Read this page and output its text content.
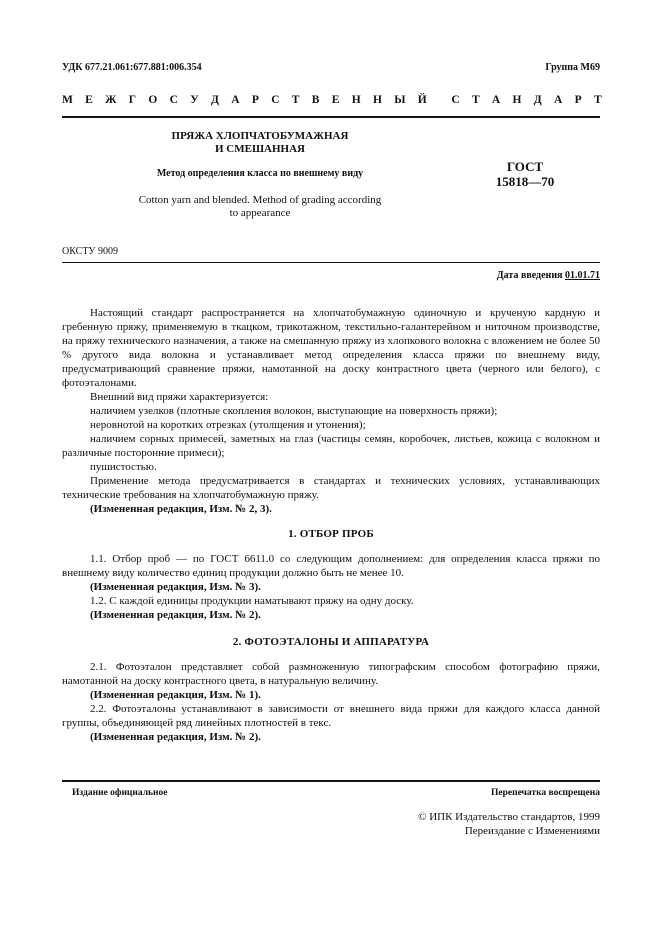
УДК 677.21.061:677.881:006.354	Группа М69
М Е Ж Г О С У Д А Р С Т В Е Н Н Ы Й С Т А Н Д А Р Т
ПРЯЖА ХЛОПЧАТОБУМАЖНАЯ
И СМЕШАННАЯ
Метод определения класса по внешнему виду
Cotton yarn and blended. Method of grading according
to appearance
ГОСТ
15818—70
ОКСТУ 9009
Дата введения 01.01.71

Настоящий стандарт распространяется на хлопчатобумажную одиночную и крученую кардную и гребенную пряжу, применяемую в ткацком, трикотажном, текстильно-галантерейном и ниточном производстве, на пряжу технического назначения, а также на смешанную пряжу из хлопкового волокна с вложением не более 50 % другого вида волокна и устанавливает метод определения класса пряжи по внешнему виду, предусматривающий сравнение пряжи, намотанной на доску контрастного цвета (черного или белого), с фотоэталонами.

Внешний вид пряжи характеризуется:

наличием узелков (плотные скопления волокон, выступающие на поверхность пряжи);

неровнотой на коротких отрезках (утолщения и утонения);

наличием сорных примесей, заметных на глаз (частицы семян, коробочек, листьев, кожица с волокном и различные посторонние примеси);

пушистостью.

Применение метода предусматривается в стандартах и технических условиях, устанавливающих технические требования на хлопчатобумажную пряжу.

(Измененная редакция, Изм. № 2, 3).

1. ОТБОР ПРОБ

1.1. Отбор проб — по ГОСТ 6611.0 со следующим дополнением: для определения класса пряжи по внешнему виду количество единиц продукции должно быть не менее 10.

(Измененная редакция, Изм. № 3).

1.2. С каждой единицы продукции наматывают пряжу на одну доску.

(Измененная редакция, Изм. № 2).

2. ФОТОЭТАЛОНЫ И АППАРАТУРА

2.1. Фотоэталон представляет собой размноженную типографским способом фотографию пряжи, намотанной на доску контрастного цвета, в натуральную величину.

(Измененная редакция, Изм. № 1).

2.2. Фотоэталоны устанавливают в зависимости от внешнего вида пряжи для каждого класса данной группы, объединяющей ряд линейных плотностей в текс.

(Измененная редакция, Изм. № 2).

Издание официальное	Перепечатка воспрещена
© ИПК Издательство стандартов, 1999
Переиздание с Изменениями
